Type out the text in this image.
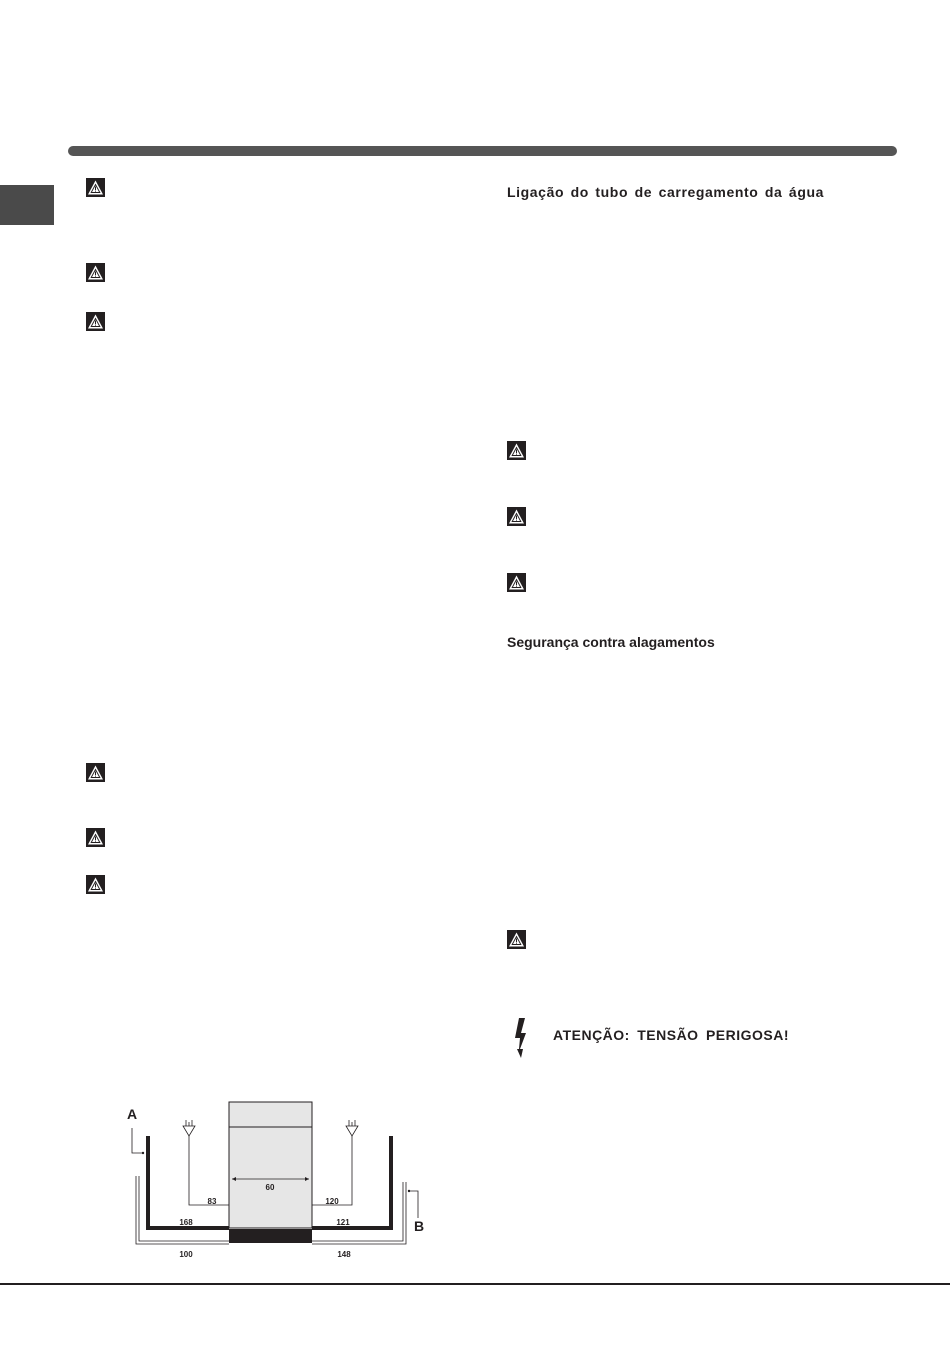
Ligação do tubo de carregamento da água
Segurança contra alagamentos
ATENÇÃO: TENSÃO PERIGOSA!
60
A
B
83	120
168	121
100	148
